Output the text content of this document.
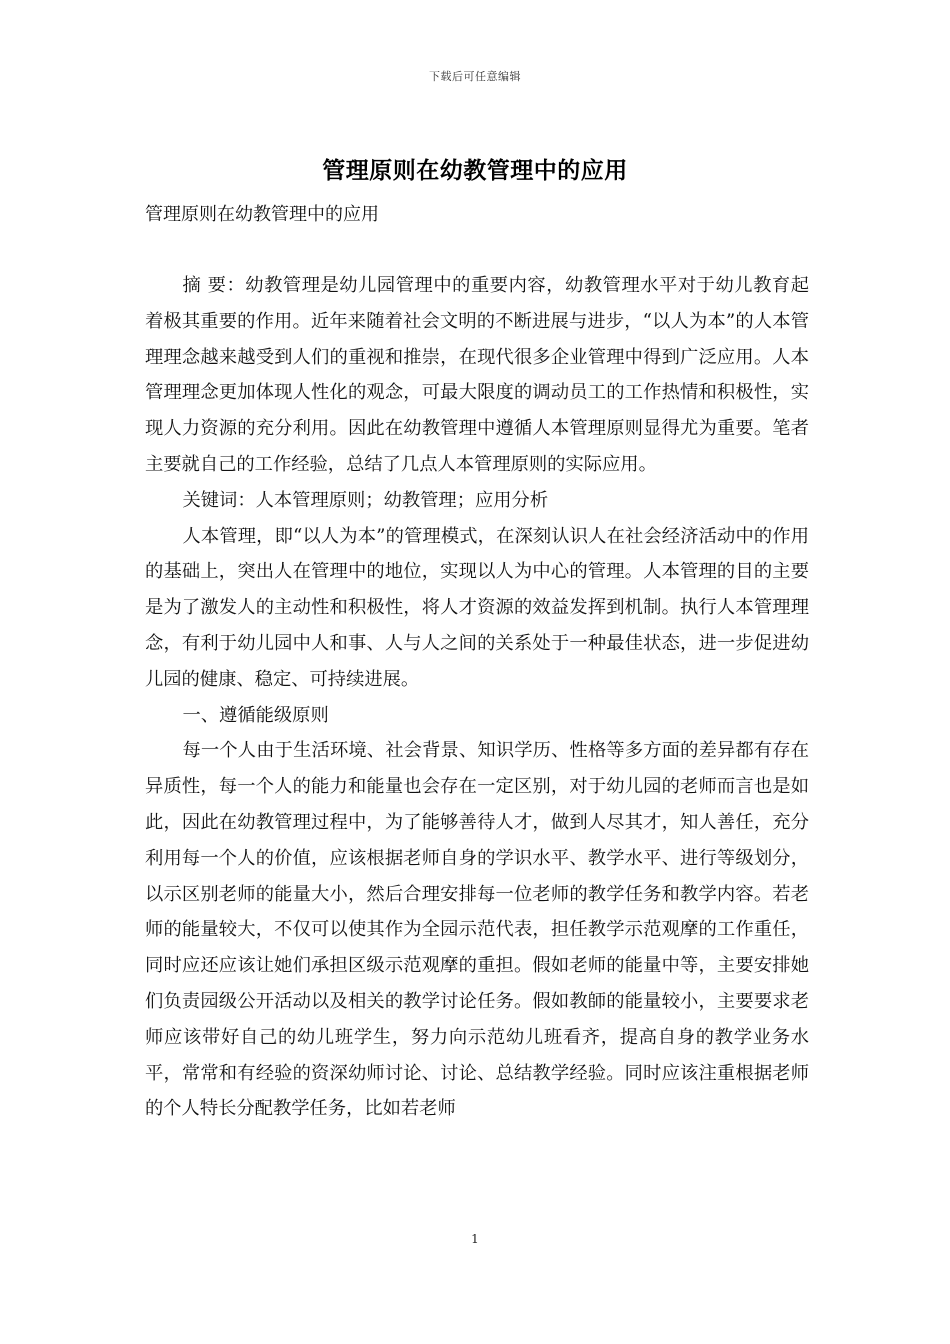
下载后可任意编辑
管理原则在幼教管理中的应用
管理原则在幼教管理中的应用

摘 要：幼教管理是幼儿园管理中的重要内容，幼教管理水平对于幼儿教育起着极其重要的作用。近年来随着社会文明的不断进展与进步，“以人为本”的人本管理理念越来越受到人们的重视和推崇，在现代很多企业管理中得到广泛应用。人本管理理念更加体现人性化的观念，可最大限度的调动员工的工作热情和积极性，实现人力资源的充分利用。因此在幼教管理中遵循人本管理原则显得尤为重要。笔者主要就自己的工作经验，总结了几点人本管理原则的实际应用。

关键词：人本管理原则；幼教管理；应用分析

人本管理，即“以人为本”的管理模式，在深刻认识人在社会经济活动中的作用的基础上，突出人在管理中的地位，实现以人为中心的管理。人本管理的目的主要是为了激发人的主动性和积极性，将人才资源的效益发挥到机制。执行人本管理理念，有利于幼儿园中人和事、人与人之间的关系处于一种最佳状态，进一步促进幼儿园的健康、稳定、可持续进展。

一、遵循能级原则

每一个人由于生活环境、社会背景、知识学历、性格等多方面的差异都有存在异质性，每一个人的能力和能量也会存在一定区别，对于幼儿园的老师而言也是如此，因此在幼教管理过程中，为了能够善待人才，做到人尽其才，知人善任，充分利用每一个人的价值，应该根据老师自身的学识水平、教学水平、进行等级划分，以示区别老师的能量大小，然后合理安排每一位老师的教学任务和教学内容。若老师的能量较大，不仅可以使其作为全园示范代表，担任教学示范观摩的工作重任，同时应还应该让她们承担区级示范观摩的重担。假如老师的能量中等，主要安排她们负责园级公开活动以及相关的教学讨论任务。假如教師的能量较小，主要要求老师应该带好自己的幼儿班学生，努力向示范幼儿班看齐，提高自身的教学业务水平，常常和有经验的资深幼师讨论、讨论、总结教学经验。同时应该注重根据老师的个人特长分配教学任务，比如若老师

1
